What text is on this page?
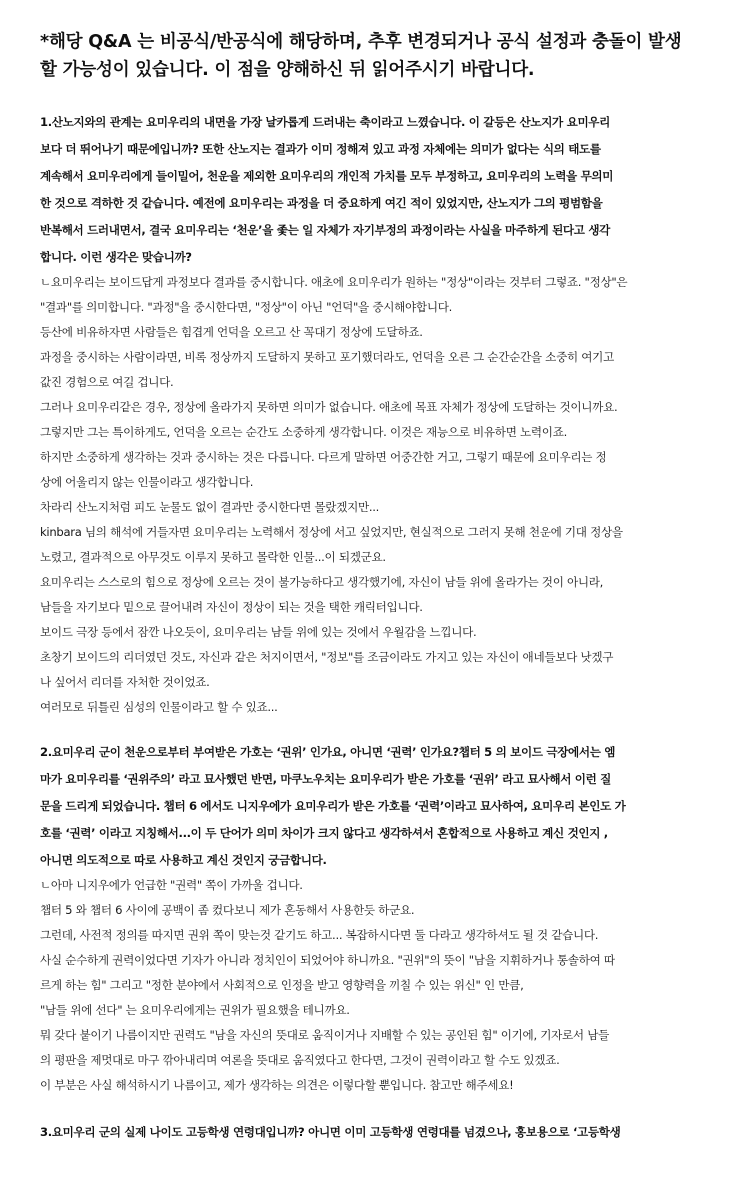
*해당 Q&A 는 비공식/반공식에 해당하며, 추후 변경되거나 공식 설정과 충돌이 발생
할 가능성이 있습니다. 이 점을 양해하신 뒤 읽어주시기 바랍니다.

1.산노지와의 관계는 요미우리의 내면을 가장 날카롭게 드러내는 축이라고 느꼈습니다. 이 갈등은 산노지가 요미우리

보다 더 뛰어나기 때문에입니까? 또한 산노지는 결과가 이미 정해져 있고 과정 자체에는 의미가 없다는 식의 태도를

계속해서 요미우리에게 들이밀어, 천운을 제외한 요미우리의 개인적 가치를 모두 부정하고, 요미우리의 노력을 무의미

한 것으로 격하한 것 같습니다. 예전에 요미우리는 과정을 더 중요하게 여긴 적이 있었지만, 산노지가 그의 평범함을

반복해서 드러내면서, 결국 요미우리는 ‘천운’을 좇는 일 자체가 자기부정의 과정이라는 사실을 마주하게 된다고 생각

합니다. 이런 생각은 맞습니까?

ㄴ요미우리는 보이드답게 과정보다 결과를 중시합니다. 애초에 요미우리가 원하는 "정상"이라는 것부터 그렇죠. "정상"은

"결과"를 의미합니다. "과정"을 중시한다면, "정상"이 아닌 "언덕"을 중시해야합니다.

등산에 비유하자면 사람들은 힘겹게 언덕을 오르고 산 꼭대기 정상에 도달하죠.

과정을 중시하는 사람이라면, 비록 정상까지 도달하지 못하고 포기했더라도, 언덕을 오른 그 순간순간을 소중히 여기고

값진 경험으로 여길 겁니다.

그러나 요미우리같은 경우, 정상에 올라가지 못하면 의미가 없습니다. 애초에 목표 자체가 정상에 도달하는 것이니까요.

그렇지만 그는 특이하게도, 언덕을 오르는 순간도 소중하게 생각합니다. 이것은 재능으로 비유하면 노력이죠.

하지만 소중하게 생각하는 것과 중시하는 것은 다릅니다. 다르게 말하면 어중간한 거고, 그렇기 때문에 요미우리는 정

상에 어울리지 않는 인물이라고 생각합니다.

차라리 산노지처럼 피도 눈물도 없이 결과만 중시한다면 몰랐겠지만...

kinbara 님의 해석에 거들자면 요미우리는 노력해서 정상에 서고 싶었지만, 현실적으로 그러지 못해 천운에 기대 정상을

노렸고, 결과적으로 아무것도 이루지 못하고 몰락한 인물...이 되겠군요.

요미우리는 스스로의 힘으로 정상에 오르는 것이 불가능하다고 생각했기에, 자신이 남들 위에 올라가는 것이 아니라,

남들을 자기보다 밑으로 끌어내려 자신이 정상이 되는 것을 택한 캐릭터입니다.

보이드 극장 등에서 잠깐 나오듯이, 요미우리는 남들 위에 있는 것에서 우월감을 느낍니다.

초창기 보이드의 리더였던 것도, 자신과 같은 처지이면서, "정보"를 조금이라도 가지고 있는 자신이 애네들보다 낫겠구

나 싶어서 리더를 자처한 것이었죠.

여러모로 뒤틀린 심성의 인물이라고 할 수 있죠...

2.요미우리 군이 천운으로부터 부여받은 가호는 ‘권위’ 인가요, 아니면 ‘권력’ 인가요?챕터 5 의 보이드 극장에서는 엠

마가 요미우리를 ‘권위주의’ 라고 묘사했던 반면, 마쿠노우치는 요미우리가 받은 가호를 ‘권위’ 라고 묘사해서 이런 질

문을 드리게 되었습니다. 챕터 6 에서도 니지우에가 요미우리가 받은 가호를 ‘권력’이라고 묘사하여, 요미우리 본인도 가

호를 ‘권력’ 이라고 지칭해서...이 두 단어가 의미 차이가 크지 않다고 생각하셔서 혼합적으로 사용하고 계신 것인지 ,

아니면 의도적으로 따로 사용하고 계신 것인지 궁금합니다.

ㄴ아마 니지우에가 언급한 "권력" 쪽이 가까울 겁니다.

챕터 5 와 챕터 6 사이에 공백이 좀 컸다보니 제가 혼동해서 사용한듯 하군요.

그런데, 사전적 정의를 따지면 권위 쪽이 맞는것 같기도 하고... 복잡하시다면 둘 다라고 생각하셔도 될 것 같습니다.

사실 순수하게 권력이었다면 기자가 아니라 정치인이 되었어야 하니까요. "권위"의 뜻이 "남을 지휘하거나 통솔하여 따

르게 하는 힘" 그리고 "정한 분야에서 사회적으로 인정을 받고 영향력을 끼칠 수 있는 위신" 인 만큼,

"남들 위에 선다" 는 요미우리에게는 권위가 필요했을 테니까요.

뭐 갖다 붙이기 나름이지만 권력도 "남을 자신의 뜻대로 움직이거나 지배할 수 있는 공인된 힘" 이기에, 기자로서 남들

의 평판을 제멋대로 마구 깎아내리며 여론을 뜻대로 움직였다고 한다면, 그것이 권력이라고 할 수도 있겠죠.

이 부분은 사실 해석하시기 나름이고, 제가 생각하는 의견은 이렇다할 뿐입니다. 참고만 해주세요!

3.요미우리 군의 실제 나이도 고등학생 연령대입니까? 아니면 이미 고등학생 연령대를 넘겼으나, 홍보용으로 ‘고등학생
